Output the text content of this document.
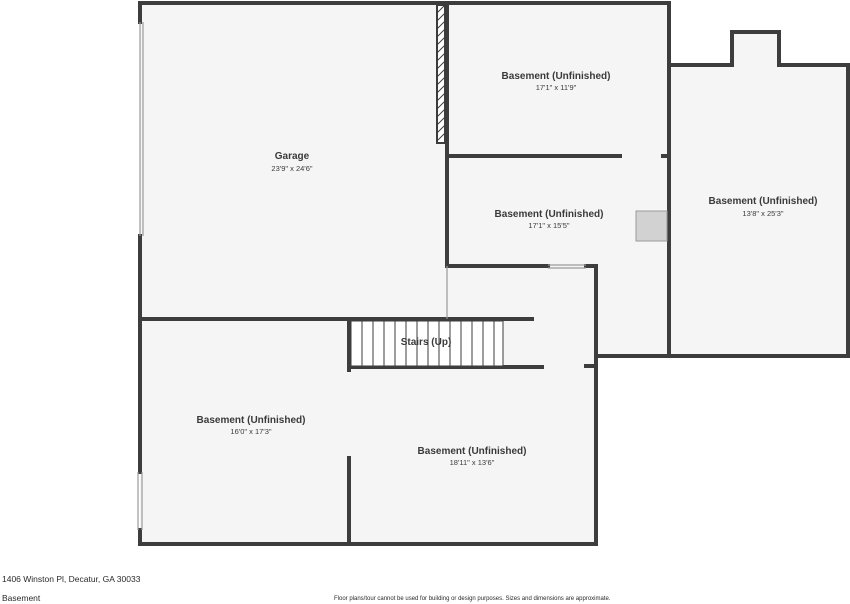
Garage
23'9" x 24'6"
Basement (Unfinished)
17'1" x 11'9"
Basement (Unfinished)
13'8" x 25'3"
Basement (Unfinished)
17'1" x 15'5"
Stairs (Up)
Basement (Unfinished)
16'0" x 17'3"
Basement (Unfinished)
18'11" x 13'6"
1406 Winston Pl, Decatur, GA 30033
Basement	Floor plans/tour cannot be used for building or design purposes. Sizes and dimensions are approximate.
